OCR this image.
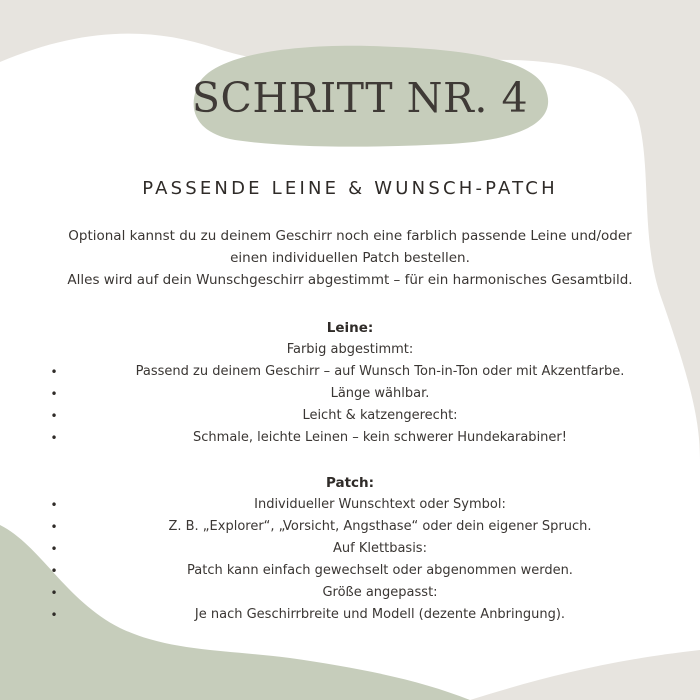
SCHRITT NR. 4
PASSENDE LEINE & WUNSCH-PATCH
Optional kannst du zu deinem Geschirr noch eine farblich passende Leine und/oder
einen individuellen Patch bestellen.
Alles wird auf dein Wunschgeschirr abgestimmt – für ein harmonisches Gesamtbild.
Leine:
Farbig abgestimmt:
•	Passend zu deinem Geschirr – auf Wunsch Ton-in-Ton oder mit Akzentfarbe.
•	Länge wählbar.
•	Leicht & katzengerecht:
•	Schmale, leichte Leinen – kein schwerer Hundekarabiner!
Patch:
•	Individueller Wunschtext oder Symbol:
•	Z. B. „Explorer“, „Vorsicht, Angsthase“ oder dein eigener Spruch.
•	Auf Klettbasis:
•	Patch kann einfach gewechselt oder abgenommen werden.
•	Größe angepasst:
•	Je nach Geschirrbreite und Modell (dezente Anbringung).
